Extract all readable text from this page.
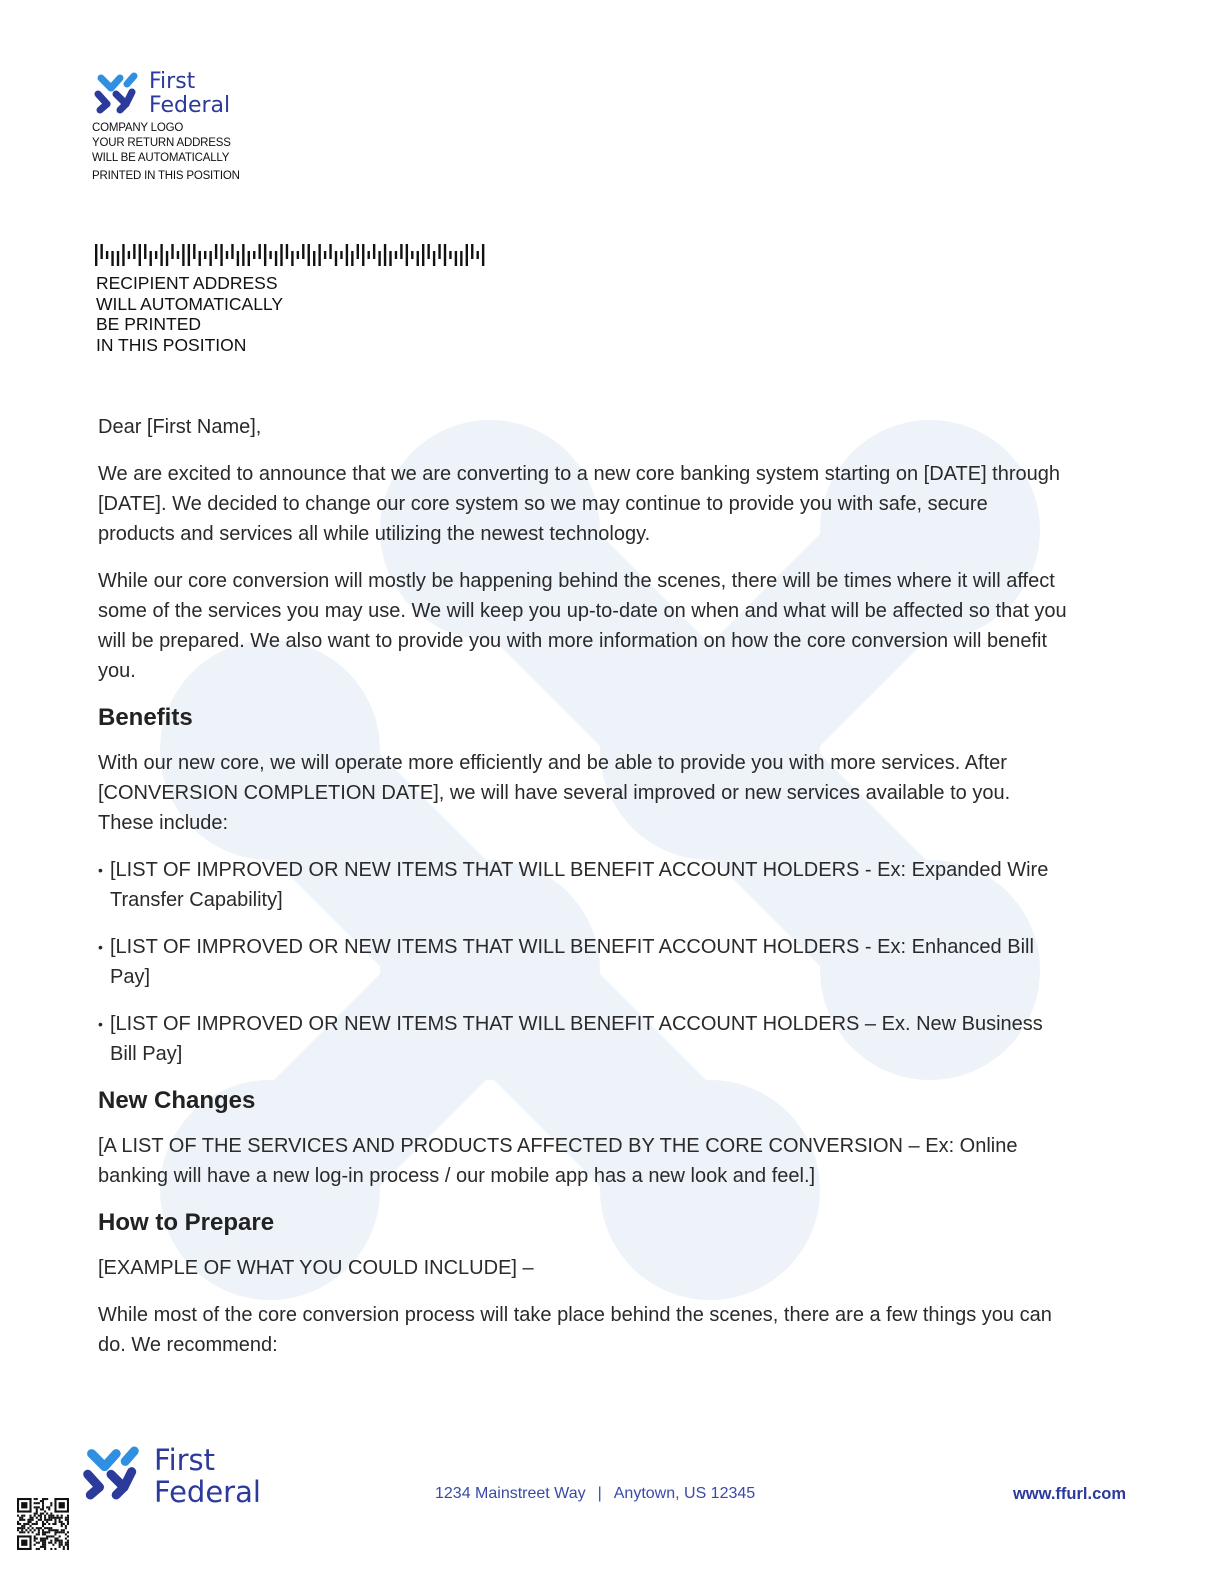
First
Federal
COMPANY LOGO
YOUR RETURN ADDRESS
WILL BE AUTOMATICALLY
PRINTED IN THIS POSITION
RECIPIENT ADDRESS
WILL AUTOMATICALLY
BE PRINTED
IN THIS POSITION

Dear [First Name],

We are excited to announce that we are converting to a new core banking system starting on [DATE] through [DATE]. We decided to change our core system so we may continue to provide you with safe, secure products and services all while utilizing the newest technology.

While our core conversion will mostly be happening behind the scenes, there will be times where it will affect some of the services you may use. We will keep you up-to-date on when and what will be affected so that you will be prepared. We also want to provide you with more information on how the core conversion will benefit you.

Benefits

With our new core, we will operate more efficiently and be able to provide you with more services. After [CONVERSION COMPLETION DATE], we will have several improved or new services available to you. These include:

• [LIST OF IMPROVED OR NEW ITEMS THAT WILL BENEFIT ACCOUNT HOLDERS - Ex: Expanded Wire Transfer Capability]
• [LIST OF IMPROVED OR NEW ITEMS THAT WILL BENEFIT ACCOUNT HOLDERS - Ex: Enhanced Bill Pay]
• [LIST OF IMPROVED OR NEW ITEMS THAT WILL BENEFIT ACCOUNT HOLDERS – Ex. New Business Bill Pay]
New Changes

[A LIST OF THE SERVICES AND PRODUCTS AFFECTED BY THE CORE CONVERSION – Ex: Online banking will have a new log-in process / our mobile app has a new look and feel.]

How to Prepare

[EXAMPLE OF WHAT YOU COULD INCLUDE] –

While most of the core conversion process will take place behind the scenes, there are a few things you can do. We recommend:

First
Federal	1234 Mainstreet Way | Anytown, US 12345	www.ffurl.com
